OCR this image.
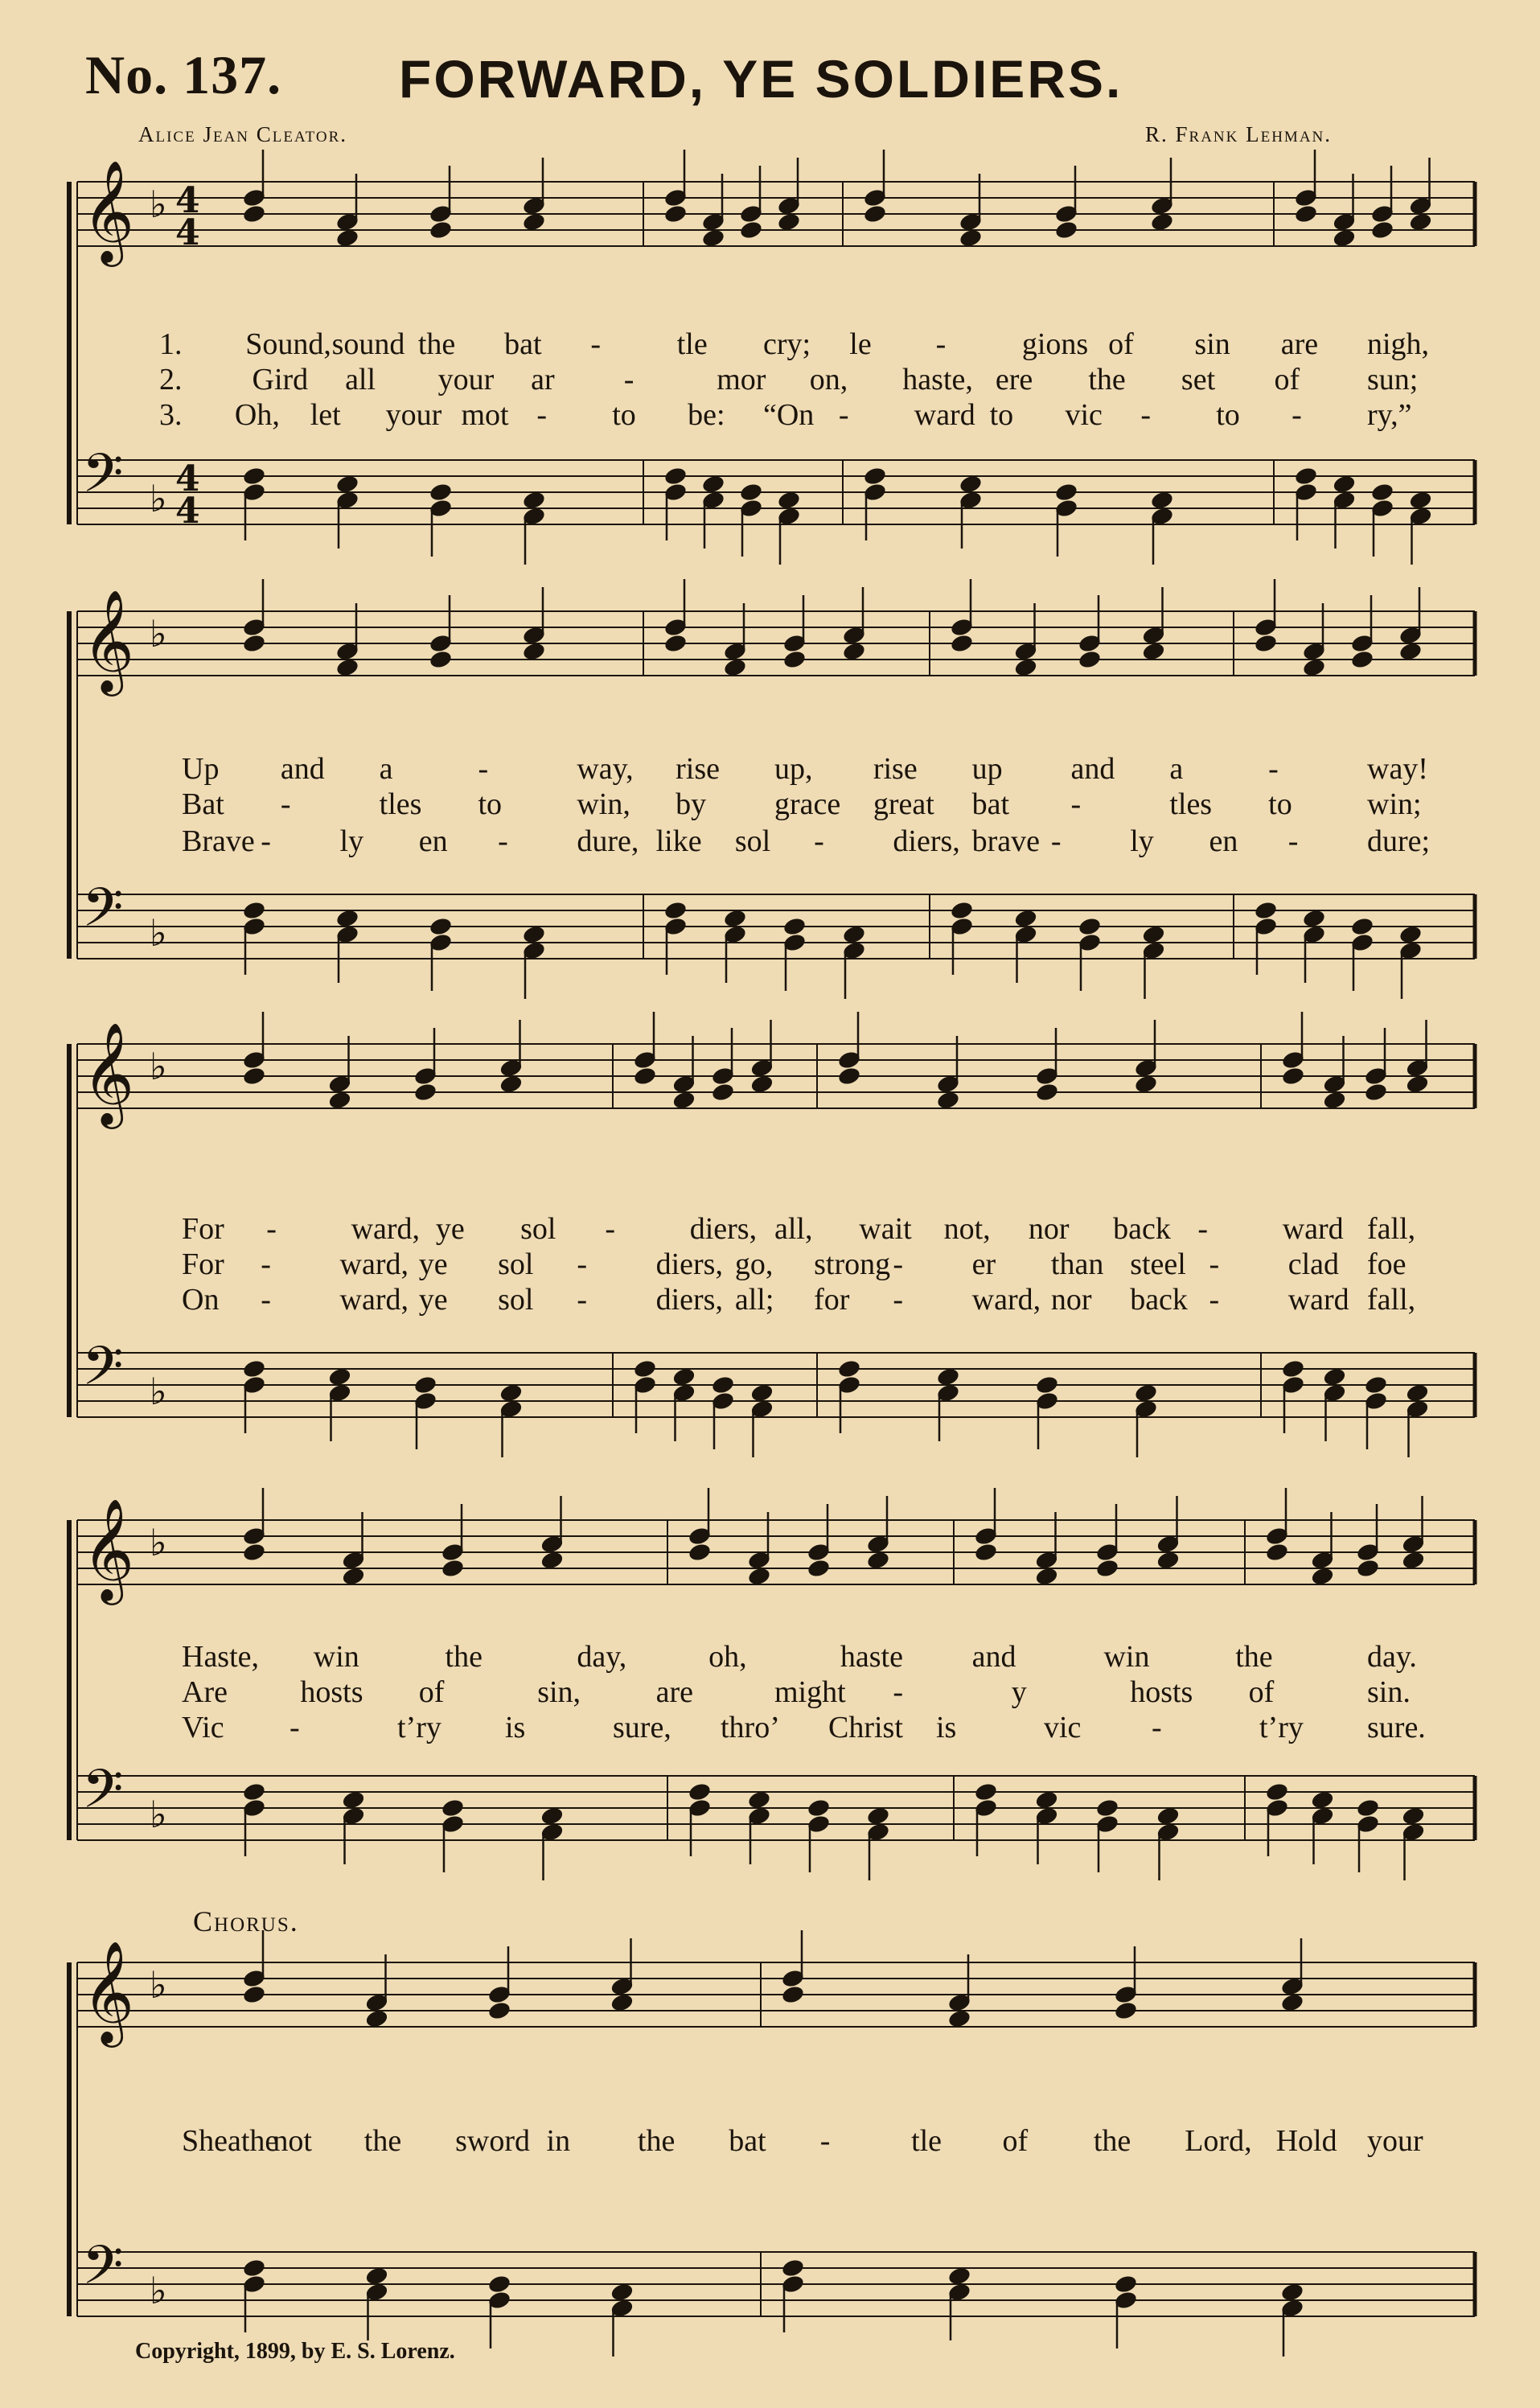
No. 137. FORWARD, YE SOLDIERS.
Alice Jean Cleator.	R. Frank Lehman.
𝄞 ♭ 4
4
𝄢 ♭ 4
4
𝄞 ♭
𝄢 ♭
𝄞 ♭
𝄢 ♭
𝄞 ♭
𝄢 ♭
𝄞 ♭
𝄢 ♭
1. Sound, sound the bat - tle cry; le - gions of sin are nigh,
2. Gird all your ar -	mor on, haste, ere the set of sun;
3. Oh, let your mot - to be: “On - ward to vic - to - ry,”
Up and a	-	way, rise up, rise up and a	-	way!
Bat -	tles to win, by grace great bat -	tles to win;
Brave - ly en - dure, like sol - diers, brave - ly en - dure;
For - ward, ye sol - diers, all, wait not, nor back - ward fall,
For - ward, ye sol - diers, go, strong - er than steel - clad foe
On - ward, ye sol - diers, all; for - ward, nor back - ward fall,
Haste, win	the	day,	oh,	haste and	win	the	day.
Are hosts of	sin, are	might -	y	hosts of	sin.
Vic -	t’ry is	sure, thro’ Christ is	vic -	t’ry sure.
Sheathe
not the sword in the bat -	tle of the Lord, Hold your
Chorus.
Copyright, 1899, by E. S. Lorenz.
